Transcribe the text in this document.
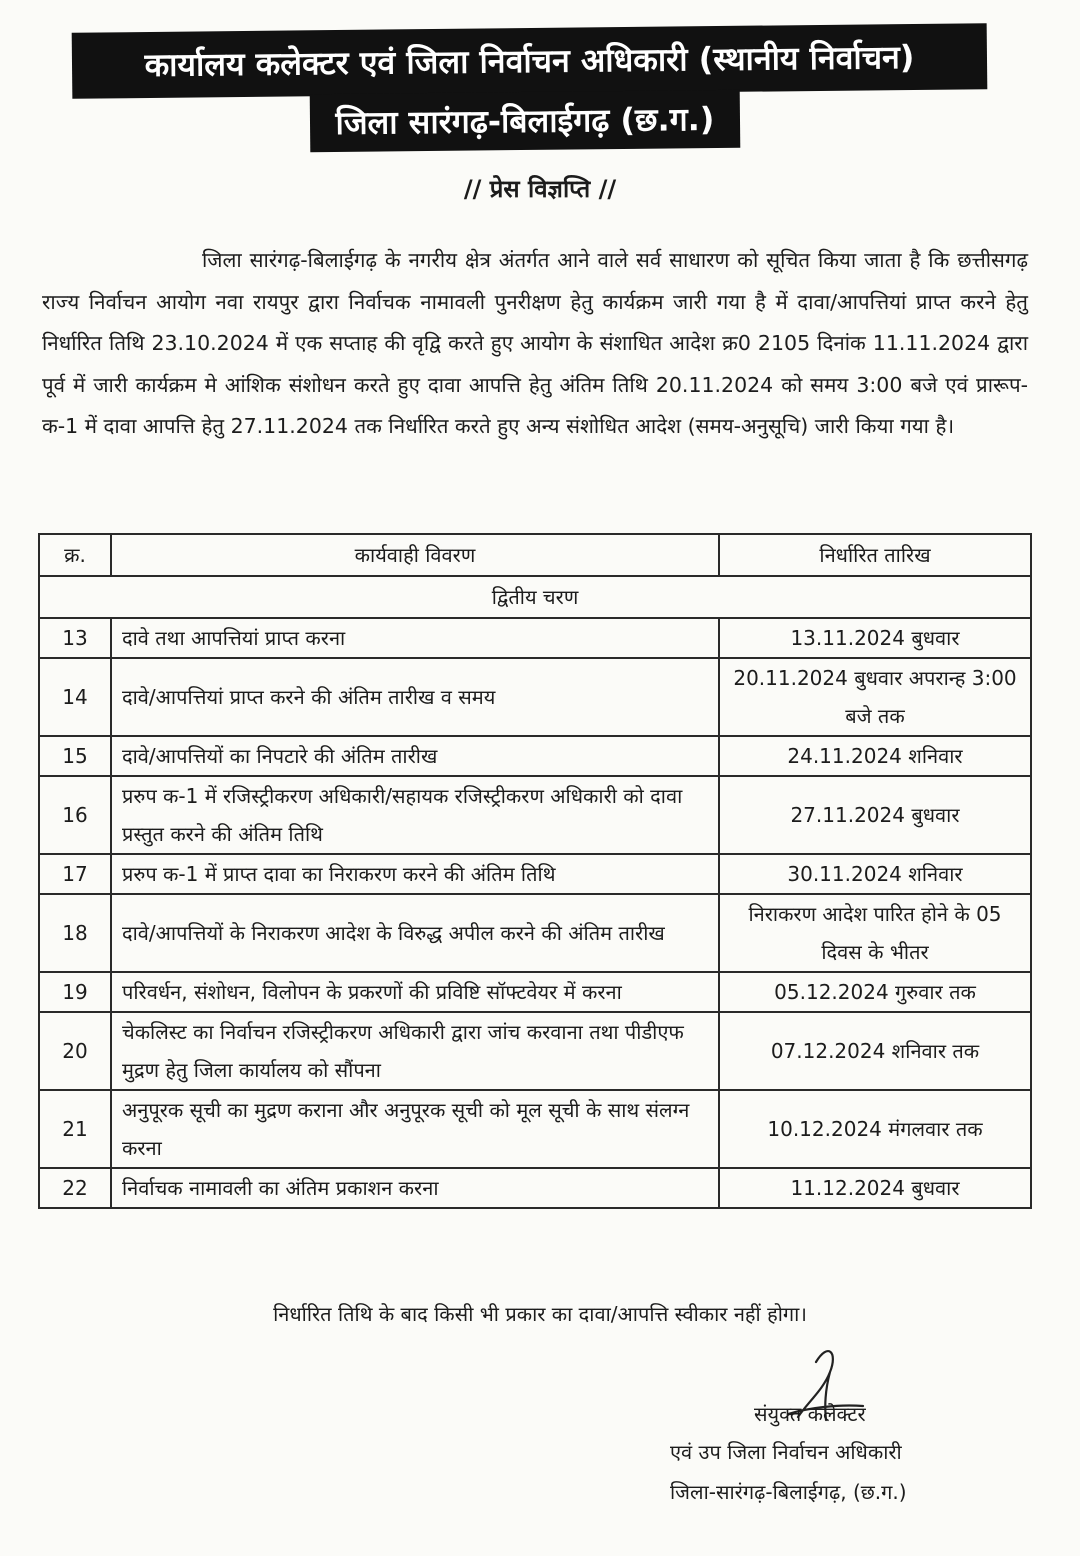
कार्यालय कलेक्टर एवं जिला निर्वाचन अधिकारी (स्थानीय निर्वाचन)
जिला सारंगढ़-बिलाईगढ़ (छ.ग.)
// प्रेस विज्ञप्ति //
जिला सारंगढ़-बिलाईगढ़ के नगरीय क्षेत्र अंतर्गत आने वाले सर्व साधारण को सूचित किया जाता है कि छत्तीसगढ़ राज्य निर्वाचन आयोग नवा रायपुर द्वारा निर्वाचक नामावली पुनरीक्षण हेतु कार्यक्रम जारी गया है में दावा/आपत्तियां प्राप्त करने हेतु निर्धारित तिथि 23.10.2024 में एक सप्ताह की वृद्वि करते हुए आयोग के संशाधित आदेश क्र0 2105 दिनांक 11.11.2024 द्वारा पूर्व में जारी कार्यक्रम मे आंशिक संशोधन करते हुए दावा आपत्ति हेतु अंतिम तिथि 20.11.2024 को समय 3:00 बजे एवं प्रारूप-क-1 में दावा आपत्ति हेतु 27.11.2024 तक निर्धारित करते हुए अन्य संशोधित आदेश (समय-अनुसूचि) जारी किया गया है।
क्र.	कार्यवाही विवरण	निर्धारित तारिख
द्वितीय चरण		
13	दावे तथा आपत्तियां प्राप्त करना	13.11.2024 बुधवार
14	दावे/आपत्तियां प्राप्त करने की अंतिम तारीख व समय	20.11.2024 बुधवार अपरान्ह 3:00 बजे तक
15	दावे/आपत्तियों का निपटारे की अंतिम तारीख	24.11.2024 शनिवार
16	प्ररुप क-1 में रजिस्ट्रीकरण अधिकारी/सहायक रजिस्ट्रीकरण अधिकारी को दावा प्रस्तुत करने की अंतिम तिथि	27.11.2024 बुधवार
17	प्ररुप क-1 में प्राप्त दावा का निराकरण करने की अंतिम तिथि	30.11.2024 शनिवार
18	दावे/आपत्तियों के निराकरण आदेश के विरुद्ध अपील करने की अंतिम तारीख	निराकरण आदेश पारित होने के 05 दिवस के भीतर
19	परिवर्धन, संशोधन, विलोपन के प्रकरणों की प्रविष्टि सॉफ्टवेयर में करना	05.12.2024 गुरुवार तक
20	चेकलिस्ट का निर्वाचन रजिस्ट्रीकरण अधिकारी द्वारा जांच करवाना तथा पीडीएफ मुद्रण हेतु जिला कार्यालय को सौंपना	07.12.2024 शनिवार तक
21	अनुपूरक सूची का मुद्रण कराना और अनुपूरक सूची को मूल सूची के साथ संलग्न करना	10.12.2024 मंगलवार तक
22	निर्वाचक नामावली का अंतिम प्रकाशन करना	11.12.2024 बुधवार
निर्धारित तिथि के बाद किसी भी प्रकार का दावा/आपत्ति स्वीकार नहीं होगा।
संयुक्त कलेक्टर
एवं उप जिला निर्वाचन अधिकारी
जिला-सारंगढ़-बिलाईगढ़, (छ.ग.)
